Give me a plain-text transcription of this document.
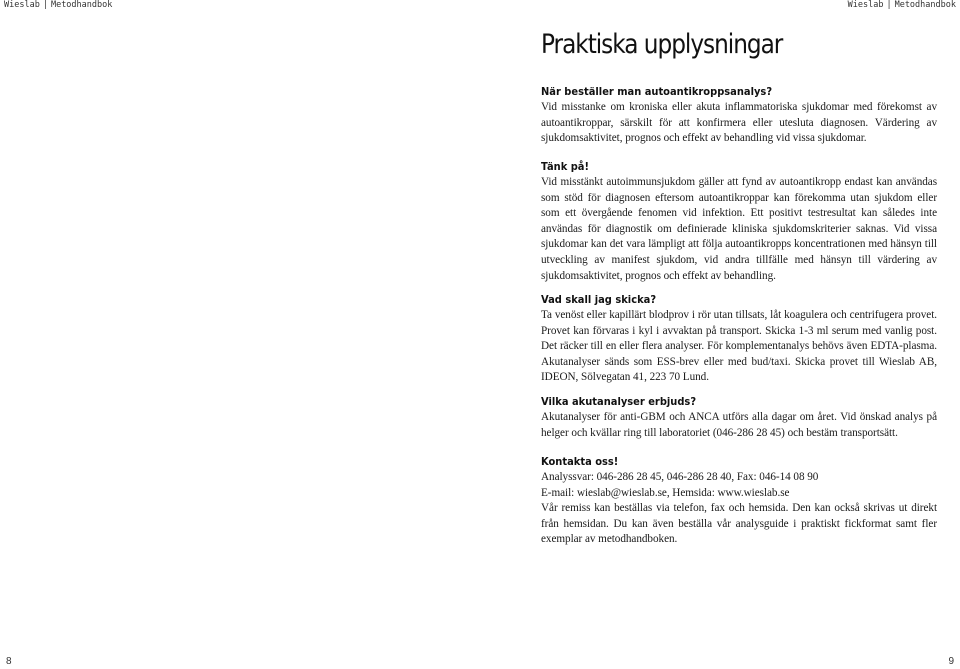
Wieslab | Metodhandbok	Wieslab | Metodhandbok
Praktiska upplysningar
När beställer man autoantikroppsanalys?

Vid misstanke om kroniska eller akuta inflammatoriska sjukdomar med förekomst av autoantikroppar, särskilt för att konfirmera eller utesluta diagnosen. Värdering av sjukdomsaktivitet, prognos och effekt av behandling vid vissa sjukdomar.

Tänk på!

Vid misstänkt autoimmunsjukdom gäller att fynd av autoantikropp endast kan användas som stöd för diagnosen eftersom autoantikroppar kan förekomma utan sjukdom eller som ett övergående fenomen vid infektion. Ett positivt testresultat kan således inte användas för diagnostik om definierade kliniska sjukdomskriterier saknas. Vid vissa sjukdomar kan det vara lämpligt att följa autoantikropps koncentrationen med hänsyn till utveckling av manifest sjukdom, vid andra tillfälle med hänsyn till värdering av sjukdomsaktivitet, prognos och effekt av behandling.

Vad skall jag skicka?

Ta venöst eller kapillärt blodprov i rör utan tillsats, låt koagulera och centrifugera provet. Provet kan förvaras i kyl i avvaktan på transport. Skicka 1-3 ml serum med vanlig post. Det räcker till en eller flera analyser. För komplementanalys behövs även EDTA-plasma. Akutanalyser sänds som ESS-brev eller med bud/taxi. Skicka provet till Wieslab AB, IDEON, Sölvegatan 41, 223 70 Lund.

Vilka akutanalyser erbjuds?

Akutanalyser för anti-GBM och ANCA utförs alla dagar om året. Vid önskad analys på helger och kvällar ring till laboratoriet (046-286 28 45) och bestäm transportsätt.

Kontakta oss!

Analyssvar: 046-286 28 45, 046-286 28 40, Fax: 046-14 08 90

E-mail: wieslab@wieslab.se, Hemsida: www.wieslab.se

Vår remiss kan beställas via telefon, fax och hemsida. Den kan också skrivas ut direkt från hemsidan. Du kan även beställa vår analysguide i praktiskt fickformat samt fler exemplar av metodhandboken.

8	9
